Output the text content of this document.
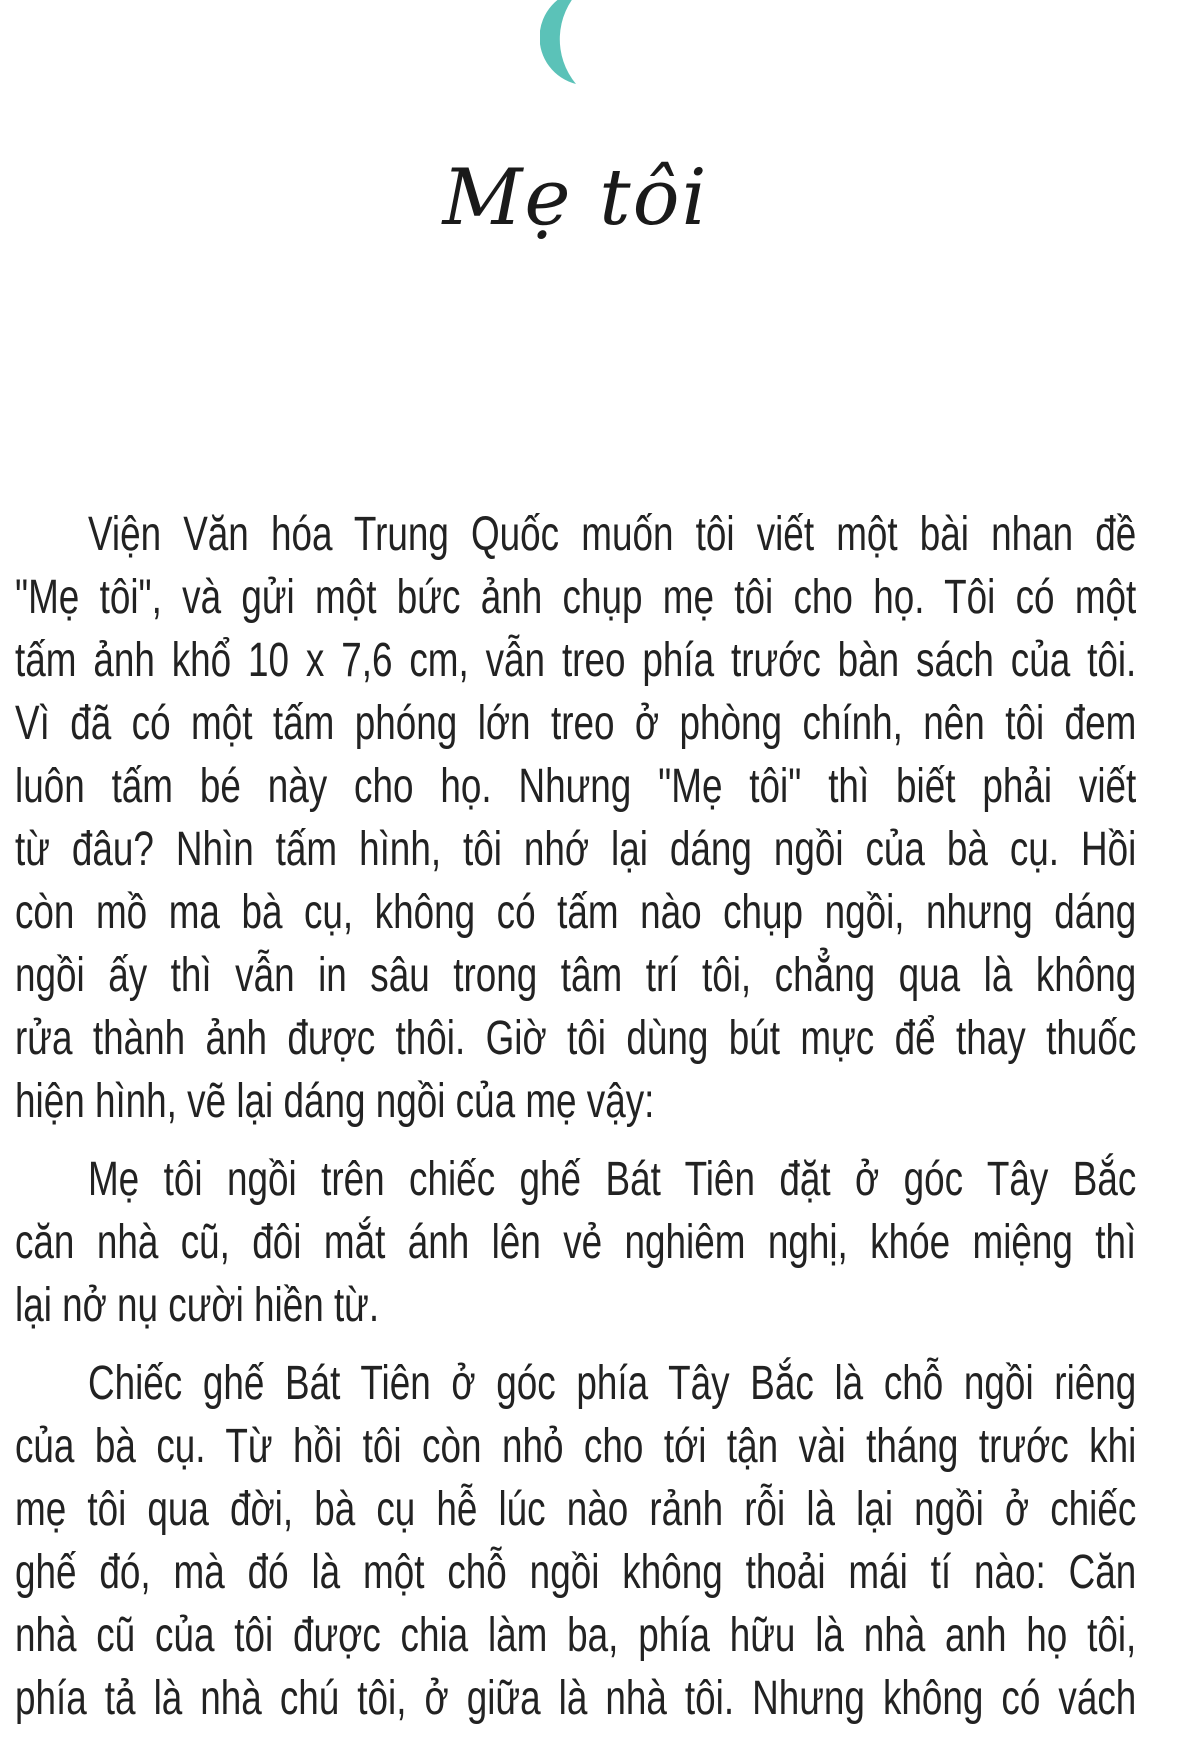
Mẹ tôi
Viện Văn hóa Trung Quốc muốn tôi viết một bài nhan đề
"Mẹ tôi", và gửi một bức ảnh chụp mẹ tôi cho họ. Tôi có một
tấm ảnh khổ 10 x 7,6 cm, vẫn treo phía trước bàn sách của tôi.
Vì đã có một tấm phóng lớn treo ở phòng chính, nên tôi đem
luôn tấm bé này cho họ. Nhưng "Mẹ tôi" thì biết phải viết
từ đâu? Nhìn tấm hình, tôi nhớ lại dáng ngồi của bà cụ. Hồi
còn mồ ma bà cụ, không có tấm nào chụp ngồi, nhưng dáng
ngồi ấy thì vẫn in sâu trong tâm trí tôi, chẳng qua là không
rửa thành ảnh được thôi. Giờ tôi dùng bút mực để thay thuốc
hiện hình, vẽ lại dáng ngồi của mẹ vậy:
Mẹ tôi ngồi trên chiếc ghế Bát Tiên đặt ở góc Tây Bắc
căn nhà cũ, đôi mắt ánh lên vẻ nghiêm nghị, khóe miệng thì
lại nở nụ cười hiền từ.
Chiếc ghế Bát Tiên ở góc phía Tây Bắc là chỗ ngồi riêng
của bà cụ. Từ hồi tôi còn nhỏ cho tới tận vài tháng trước khi
mẹ tôi qua đời, bà cụ hễ lúc nào rảnh rỗi là lại ngồi ở chiếc
ghế đó, mà đó là một chỗ ngồi không thoải mái tí nào: Căn
nhà cũ của tôi được chia làm ba, phía hữu là nhà anh họ tôi,
phía tả là nhà chú tôi, ở giữa là nhà tôi. Nhưng không có vách
